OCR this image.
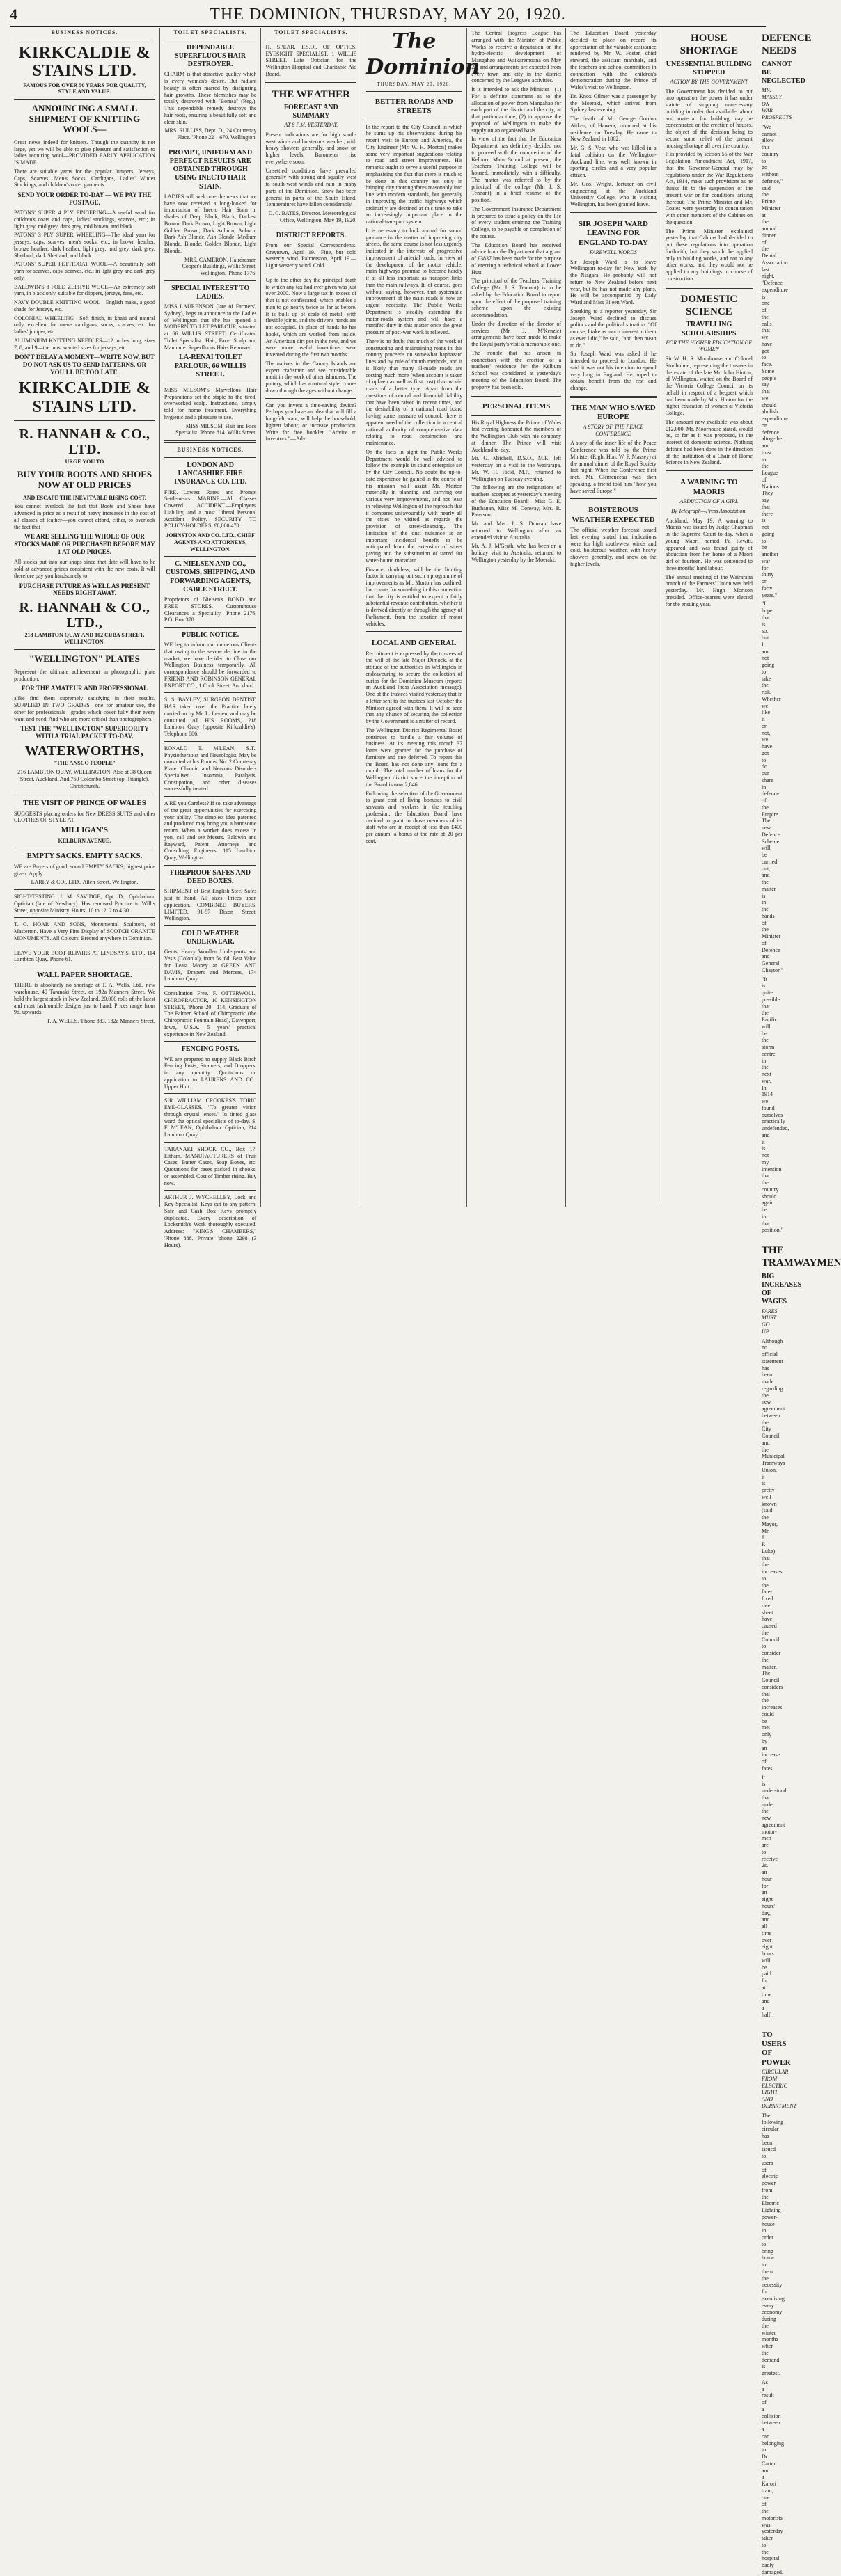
4	THE DOMINION, THURSDAY, MAY 20, 1920.
BUSINESS NOTICES.
KIRKCALDIE & STAINS LTD.
FAMOUS FOR OVER 50 YEARS FOR QUALITY, STYLE AND VALUE.
ANNOUNCING A SMALL SHIPMENT OF KNITTING WOOLS—

Great news indeed for knitters. Though the quantity is not large, yet we will be able to give pleasure and satisfaction to ladies requiring wool—PROVIDED EARLY APPLICATION IS MADE.

There are suitable yarns for the popular Jumpers, Jerseys, Caps, Scarves, Men's Socks, Cardigans, Ladies' Winter Stockings, and children's outer garments.

SEND YOUR ORDER TO-DAY — WE PAY THE POSTAGE.

PATONS' SUPER 4 PLY FINGERING—A useful wool for children's coats and caps, ladies' stockings, scarves, etc.; in light grey, mid grey, dark grey, mid brown, and black.

PATONS' 3 PLY SUPER WHEELING—The ideal yarn for jerseys, caps, scarves, men's socks, etc.; in brown heather, bronze heather, dark heather, light grey, mid grey, dark grey, Shetland, dark Shetland, and black.

PATONS' SUPER PETTICOAT WOOL—A beautifully soft yarn for scarves, caps, scarves, etc.; in light grey and dark grey only.

BALDWIN'S 8 FOLD ZEPHYR WOOL—An extremely soft yarn, in black only, suitable for slippers, jerseys, fans, etc.

NAVY DOUBLE KNITTING WOOL—English make, a good shade for Jerseys, etc.

COLONIAL WHEELING—Soft finish, in khaki and natural only, excellent for men's cardigans, socks, scarves, etc. for ladies' jumper, etc.

ALUMINIUM KNITTING NEEDLES—12 inches long, sizes 7, 8, and 9—the most wanted sizes for jerseys, etc.

DON'T DELAY A MOMENT—WRITE NOW, BUT DO NOT ASK US TO SEND PATTERNS, OR YOU'LL BE TOO LATE.
KIRKCALDIE & STAINS LTD.
R. HANNAH & CO., LTD.
URGE YOU TO
BUY YOUR BOOTS AND SHOES NOW AT OLD PRICES
AND ESCAPE THE INEVITABLE RISING COST.

You cannot overlook the fact that Boots and Shoes have advanced in price as a result of heavy increases in the cost of all classes of leather—you cannot afford, either, to overlook the fact that

WE ARE SELLING THE WHOLE OF OUR STOCKS MADE OR PURCHASED BEFORE MAY 1 AT OLD PRICES.

All stocks put into our shops since that date will have to be sold at advanced prices consistent with the new costs. It will therefore pay you handsomely to

PURCHASE FUTURE AS WELL AS PRESENT NEEDS RIGHT AWAY.
R. HANNAH & CO., LTD.,
218 LAMBTON QUAY AND 102 CUBA STREET, WELLINGTON.
"WELLINGTON" PLATES

Represent the ultimate achievement in photographic plate production.

FOR THE AMATEUR AND PROFESSIONAL

alike find them supremely satisfying in their results. SUPPLIED IN TWO GRADES—one for amateur use, the other for professionals—grades which cover fully their every want and need. And who are more critical than photographers.

TEST THE "WELLINGTON" SUPERIORITY WITH A TRIAL PACKET TO-DAY.
WATERWORTHS,
"THE ANSCO PEOPLE"

216 LAMBTON QUAY, WELLINGTON. Also at 38 Queen Street, Auckland. And 760 Colombo Street (op. Triangle), Christchurch.

THE VISIT OF PRINCE OF WALES

SUGGESTS placing orders for New DRESS SUITS and other CLOTHES OF STYLE AT

MILLIGAN'S
KELBURN AVENUE.
EMPTY SACKS. EMPTY SACKS.

WE are Buyers of good, sound EMPTY SACKS; highest price given. Apply

LARRY & CO., LTD., Allen Street, Wellington.

SIGHT-TESTING. J. M. SAVIDGE, Opt. D., Ophthalmic Optician (late of Newbury). Has removed Practice to Willis Street, opposite Ministry. Hours, 10 to 12; 2 to 4.30.

T. G. HOAR AND SONS, Monumental Sculptors, of Masterton. Have a Very Fine Display of SCOTCH GRANITE MONUMENTS. All Colours. Erected anywhere in Dominion.

LEAVE YOUR BOOT REPAIRS AT LINDSAY'S, LTD., 114 Lambton Quay. Phone 61.

WALL PAPER SHORTAGE.

THERE is absolutely no shortage at T. A. Wells, Ltd., new warehouse, 40 Taranaki Street, or 192a Manners Street. We hold the largest stock in New Zealand, 20,000 rolls of the latest and most fashionable designs just to hand. Prices range from 9d. upwards.

T. A. WELLS. 'Phone 883. 182a Manners Street.

TOILET SPECIALISTS.
DEPENDABLE SUPERFLUOUS HAIR DESTROYER.

CHARM is that attractive quality which is every woman's desire. But radiant beauty is often marred by disfiguring hair growths. These blemishes may be totally destroyed with "Bomsa" (Reg.). This dependable remedy destroys the hair roots, ensuring a beautifully soft and clear skin.

MRS. RULLISS, Dept. D., 24 Courtenay Place. 'Phone 22—670. Wellington.

PROMPT, UNIFORM AND PERFECT RESULTS ARE OBTAINED THROUGH USING INECTO HAIR STAIN.

LADIES will welcome the news that we have now received a long-looked for importation of Inecto Hair Stain in shades of Deep Black, Black, Darkest Brown, Dark Brown, Light Brown, Light Golden Brown, Dark Auburn, Auburn, Dark Ash Blonde, Ash Blonde, Medium Blonde, Blonde, Golden Blonde, Light Blonde.

MRS. CAMERON, Hairdresser, Cooper's Buildings, Willis Street, Wellington. 'Phone 1776.

SPECIAL INTEREST TO LADIES.

MISS LAURENSON (late of Farmers', Sydney), begs to announce to the Ladies of Wellington that she has opened a MODERN TOILET PARLOUR, situated at 66 WILLIS STREET. Certificated Toilet Specialist. Hair, Face, Scalp and Manicure. Superfluous Hairs Removed.

LA-RENAI TOILET PARLOUR, 66 WILLIS STREET.

MISS MILSOM'S Marvellous Hair Preparations set the staple to the tired, overworked scalp. Instructions, simply told for home treatment. Everything hygienic and a pleasure to use.

MISS MILSOM, Hair and Face Specialist. 'Phone 814. Willis Street.

BUSINESS NOTICES.
LONDON AND LANCASHIRE FIRE INSURANCE CO. LTD.

FIRE.—Lowest Rates and Prompt Settlements. MARINE.—All Classes Covered. ACCIDENT.—Employers' Liability, and a most Liberal Personal Accident Policy. SECURITY TO POLICY-HOLDERS, £8,000,470.

JOHNSTON AND CO. LTD., CHIEF AGENTS AND ATTORNEYS, WELLINGTON.
C. NIELSEN AND CO., CUSTOMS, SHIPPING, AND FORWARDING AGENTS, CABLE STREET.

Proprietors of Nielsen's BOND and FREE STORES. Customhouse Clearances a Speciality. 'Phone 2176. P.O. Box 370.

PUBLIC NOTICE.

WE beg to inform our numerous Clients that owing to the severe decline in the market, we have decided to Close our Wellington Business temporarily. All correspondence should be forwarded to FRIEND AND ROBINSON GENERAL EXPORT CO., 1 Cook Street, Auckland.

S. S. BAYLEY, SURGEON DENTIST, HAS taken over the Practice lately carried on by Mr. L. Levien, and may be consulted AT HIS ROOMS, 218 Lambton Quay (opposite Kirkcaldie's). Telephone 886.

RONALD T. M'LEAN, S.T., Physiotherapist and Neurologist, May be consulted at his Rooms, No. 2 Courtenay Place. Chronic and Nervous Disorders Specialised. Insomnia, Paralysis, Constipation, and other diseases successfully treated.

A RE you Careless? If so, take advantage of the great opportunities for exercising your ability. The simplest idea patented and produced may bring you a handsome return. When a worker does excess in yon, call and see Messrs. Baldwin and Rayward, Patent Attorneys and Consulting Engineers, 115 Lambton Quay, Wellington.

FIREPROOF SAFES AND DEED BOXES.

SHIPMENT of Best English Steel Safes just to hand. All sizes. Prices upon application. COMBINED BUYERS, LIMITED, 91-97 Dixon Street, Wellington.

COLD WEATHER UNDERWEAR.

Gents' Heavy Woollen Underpants and Vests (Colonial), from 5s. 6d. Best Value for Least Money at GREEN AND DAVIS, Drapers and Mercers, 174 Lambton Quay.

Consultation Free. F. OTTERWOLL, CHIROPRACTOR, 10 KENSINGTON STREET, 'Phone 20—114. Graduate of The Palmer School of Chiropractic (the Chiropractic Fountain Head), Davenport, Iowa, U.S.A. 5 years' practical experience in New Zealand.

FENCING POSTS.

WE are prepared to supply Black Birch Fencing Posts, Strainers, and Droppers, in any quantity. Quotations on application to LAURENS AND CO., Upper Hutt.

SIR WILLIAM CROOKES'S TORIC EYE-GLASSES. "To greater vision through crystal lenses." In tinted glass ward the optical specialists of to-day. S. F. M'LEAN, Ophthalmic Optician, 214 Lambton Quay.

TARANAKI SHOOK CO., Box 17, Eltham. MANUFACTURERS of Fruit Cases, Butter Cases, Soap Boxes, etc. Quotations for cases packed in shooks, or assembled. Cost of Timber rising. Buy now.

ARTHUR J. WYCHELLEY, Lock and Key Specialist. Keys cut to any pattern. Safe and Cash Box Keys promptly duplicated. Every description of Locksmith's Work thoroughly executed. Address: "KING'S CHAMBERS," 'Phone 888. Private 'phone 2298 (3 Hours).

TOILET SPECIALISTS.

H. SPEAR, F.S.O., OF OPTICS, EYESIGHT SPECIALIST, 1 WILLIS STREET. Late Optician for the Wellington Hospital and Charitable Aid Board.

THE WEATHER
FORECAST AND SUMMARY
AT 8 P.M. YESTERDAY.

Present indications are for high south-west winds and boisterous weather, with heavy showers generally, and snow on higher levels. Barometer rise everywhere soon.

Unsettled conditions have prevailed generally with strong and squally west to south-west winds and rain in many parts of the Dominion. Snow has been general in parts of the South Island. Temperatures have fallen considerably.

D. C. BATES, Director. Meteorological Office, Wellington, May 19, 1920.

DISTRICT REPORTS.

From our Special Correspondents. Greytown, April 19.—Fine, but cold westerly wind. Palmerston, April 19.—Light westerly wind. Cold.

Up to the other day the principal death to which any tax had ever given was just over 2000. Now a large tax in excess of that is not confiscated, which enables a man to go nearly twice as far as before. It is built up of scale of metal, with flexible joints, and the driver's hands are not occupied. In place of hands he has hooks, which are worked from inside. An American dirt pot in the new, and we were more useful inventions were invented during the first two months.

The natives in the Canary Islands are expert craftsmen and see considerable merit in the work of other islanders. The pottery, which has a natural style, comes down through the ages without change.

Can you invent a time-saving device? Perhaps you have an idea that will fill a long-felt want, will help the household, lighten labour, or increase production. Write for free booklet, "Advice to Inventors."—Advt.

The Dominion
THURSDAY, MAY 20, 1920.
BETTER ROADS AND STREETS

In the report to the City Council in which he sums up his observations during his recent visit to Europe and America, the City Engineer (Mr. W. H. Morton) makes some very important suggestions relating to road and street improvement. His remarks ought to serve a useful purpose in emphasising the fact that there is much to be done in this country not only in bringing city thoroughfares reasonably into line with modern standards, but generally in improving the traffic highways which ordinarily are destined at this time to take an increasingly important place in the national transport system.

It is necessary to look abroad for sound guidance in the matter of improving city streets, the same course is not less urgently indicated in the interests of progressive improvement of arterial roads. In view of the development of the motor vehicle, main highways promise to become hardly if at all less important as transport links than the main railways. It, of course, goes without saying, however, that systematic improvement of the main roads is now an urgent necessity. The Public Works Department is steadily extending the motor-roads system and will have a manifest duty in this matter once the great pressure of post-war work is relieved.

There is no doubt that much of the work of constructing and maintaining roads in this country proceeds on somewhat haphazard lines and by rule of thumb methods, and it is likely that many ill-made roads are costing much more (when account is taken of upkeep as well as first cost) than would roads of a better type. Apart from the questions of central and financial liability that have been raised in recent times, and the desirability of a national road board having some measure of control, there is apparent need of the collection in a central national authority of comprehensive data relating to road construction and maintenance.

On the facts in sight the Public Works Department would be well advised to follow the example in sound enterprise set by the City Council. No doubt the up-to-date experience he gained in the course of his mission will assist Mr. Morton materially in planning and carrying out various very improvements, and not least in relieving Wellington of the reproach that it compares unfavourably with nearly all the cities he visited as regards the provision of street-cleansing. The limitation of the dust nuisance is an important incidental benefit to be anticipated from the extension of street paving and the substitution of tarred for water-bound macadam.

Finance, doubtless, will be the limiting factor in carrying out such a programme of improvements as Mr. Morton has outlined, but counts for something in this connection that the city is entitled to expect a fairly substantial revenue contribution, whether it is derived directly or through the agency of Parliament, from the taxation of motor vehicles.

LOCAL AND GENERAL

Recruitment is expressed by the trustees of the will of the late Major Dimock, at the attitude of the authorities in Wellington in endeavouring to secure the collection of curios for the Dominion Museum (reports an Auckland Press Association message). One of the trustees visited yesterday that in a letter sent to the trustees last October the Minister agreed with them. It will be seen that any chance of securing the collection by the Government is a matter of record.

The Wellington District Regimental Board continues to handle a fair volume of business. At its meeting this month 37 loans were granted for the purchase of furniture and one deferred. To repeat this the Board has not done any loans for a month. The total number of loans for the Wellington district since the inception of the Board is now 2,846.

Following the selection of the Government to grant cost of living bonuses to civil servants and workers in the teaching profession, the Education Board have decided to grant to those members of its staff who are in receipt of less than £400 per annum, a bonus at the rate of 20 per cent.

The Central Progress League has arranged with the Minister of Public Works to receive a deputation on the hydro-electric development of Mangahao and Waikaremoana on May 27, and arrangements are expected from every town and city in the district concerned by the League's activities.

It is intended to ask the Minister—(1) For a definite statement as to the allocation of power from Mangahao for each part of the district and the city, at that particular time; (2) to approve the proposal of Wellington to make the supply on an organised basis.

In view of the fact that the Education Department has definitely decided not to proceed with the completion of the Kelburn Main School at present, the Teachers' Training College will be housed, immediately, with a difficulty. The matter was referred to by the principal of the college (Mr. J. S. Tennant) in a brief resumé of the position.

The Government Insurance Department is prepared to issue a policy on the life of every student entering the Training College, to be payable on completion of the course.

The Education Board has received advice from the Department that a grant of £3837 has been made for the purpose of erecting a technical school at Lower Hutt.

The principal of the Teachers' Training College (Mr. J. S. Tennant) is to be asked by the Education Board to report upon the effect of the proposed training scheme upon the existing accommodation.

Under the direction of the director of services (Mr. J. M'Kenzie) arrangements have been made to make the Royal party's visit a memorable one.

The trouble that has arisen in connection with the erection of a teachers' residence for the Kelburn School was considered at yesterday's meeting of the Education Board. The property has been sold.

PERSONAL ITEMS

His Royal Highness the Prince of Wales last evening honoured the members of the Wellington Club with his company at dinner. The Prince will visit Auckland to-day.

Mr. G. Mitchell, D.S.O., M.P., left yesterday on a visit to the Wairarapa. Mr. W. H. Field, M.P., returned to Wellington on Tuesday evening.

The following are the resignations of teachers accepted at yesterday's meeting of the Education Board:—Miss G. E. Buchanan, Miss M. Conway, Mrs. R. Paterson.

Mr. and Mrs. J. S. Duncan have returned to Wellington after an extended visit to Australia.

Mr. A. J. M'Grath, who has been on a holiday visit to Australia, returned to Wellington yesterday by the Moeraki.

The Education Board yesterday decided to place on record its appreciation of the valuable assistance rendered by Mr. W. Foster, chief steward, the assistant marshals, and the teachers and school committees in connection with the children's demonstration during the Prince of Wales's visit to Wellington.

Dr. Knox Gilmer was a passenger by the Moeraki, which arrived from Sydney last evening.

The death of Mr. George Gordon Aitken, of Hawera, occurred at his residence on Tuesday. He came to New Zealand in 1862.

Mr. G. S. Vear, who was killed in a fatal collision on the Wellington-Auckland line, was well known in sporting circles and a very popular citizen.

Mr. Geo. Wright, lecturer on civil engineering at the Auckland University College, who is visiting Wellington, has been granted leave.

SIR JOSEPH WARD LEAVING FOR ENGLAND TO-DAY
FAREWELL WORDS

Sir Joseph Ward is to leave Wellington to-day for New York by the Niagara. He probably will not return to New Zealand before next year, but he has not made any plans. He will be accompanied by Lady Ward and Miss Eileen Ward.

Speaking to a reporter yesterday, Sir Joseph Ward declined to discuss politics and the political situation. "Of course, I take as much interest in them as ever I did," he said, "and then mean to do."

Sir Joseph Ward was asked if he intended to proceed to London. He said it was not his intention to spend very long in England. He hoped to obtain benefit from the rest and change.

THE MAN WHO SAVED EUROPE
A STORY OF THE PEACE CONFERENCE

A story of the inner life of the Peace Conference was told by the Prime Minister (Right Hon. W. F. Massey) at the annual dinner of the Royal Society last night. When the Conference first met, Mr. Clemenceau was then speaking, a friend told him "how you have saved Europe."

BOISTEROUS WEATHER EXPECTED

The official weather forecast issued last evening stated that indications were for high south-west winds and cold, boisterous weather, with heavy showers generally, and snow on the higher levels.

HOUSE SHORTAGE
UNESSENTIAL BUILDING STOPPED
ACTION BY THE GOVERNMENT

The Government has decided to put into operation the power it has under statute of stopping unnecessary building in order that available labour and material for building may be concentrated on the erection of houses, the object of the decision being to secure some relief of the present housing shortage all over the country.

It is provided by section 55 of the War Legislation Amendment Act, 1917, that the Governor-General may by regulations under the War Regulations Act, 1914, make such provisions as he thinks fit to the suspension of the present war or for conditions arising thereout. The Prime Minister and Mr. Coates were yesterday in consultation with other members of the Cabinet on the question.

The Prime Minister explained yesterday that Cabinet had decided to put these regulations into operation forthwith, but they would be applied only to building works, and not to any other works, and they would not be applied to any buildings in course of construction.

DOMESTIC SCIENCE
TRAVELLING SCHOLARSHIPS
FOR THE HIGHER EDUCATION OF WOMEN

Sir W. H. S. Moorhouse and Colonel Studholme, representing the trustees in the estate of the late Mr. John Hinton, of Wellington, waited on the Board of the Victoria College Council on its behalf in respect of a bequest which had been made by Mrs. Hinton for the higher education of women at Victoria College.

The amount now available was about £12,000. Mr. Moorhouse stated, would be, so far as it was proposed, in the interest of domestic science. Nothing definite had been done in the direction of the institution of a Chair of Home Science in New Zealand.

A WARNING TO MAORIS
ABDUCTION OF A GIRL
By Telegraph—Press Association.

Auckland, May 19. A warning to Maoris was issued by Judge Chapman in the Supreme Court to-day, when a young Maori named Pa Rewiti, appeared and was found guilty of abduction from her home of a Maori girl of fourteen. He was sentenced to three months' hard labour.

The annual meeting of the Wairarapa branch of the Farmers' Union was held yesterday. Mr. Hugh Morison presided. Office-bearers were elected for the ensuing year.

DEFENCE NEEDS
CANNOT BE NEGLECTED
MR. MASSEY ON WAR PROSPECTS

"We cannot allow this country to go without defence," said the Prime Minister at the annual dinner of the Dental Association last night. "Defence expenditure is one of the calls that we have got to face. Some people say that we should abolish expenditure on defence altogether and trust to the League of Nations. They say that there is not going to be another war for thirty or forty years."

"I hope that is so, but I am not going to take the risk. Whether we like it or not, we have got to do our share in defence of the Empire. The new Defence Scheme will be carried out, and the matter is in the hands of the Minister of Defence and General Chaytor."

"It is quite possible that the Pacific will be the storm centre in the next war. In 1914 we found ourselves practically undefended, and it is not my intention that the country should again be in that position."

THE TRAMWAYMEN
BIG INCREASES OF WAGES
FARES MUST GO UP

Although no official statement has been made regarding the new agreement between the City Council and the Municipal Tramways Union, it is pretty well known (said the Mayor, Mr. J. P. Luke) that the increases to the fare-fixed rate sheet have caused the Council to consider the matter. The Council considers that the increases could be met only by an increase of fares.

It is understood that under the new agreement motor-men are to receive 2s. an hour for an eight hours' day, and all time over eight hours will be paid for at time and a half.

TO USERS OF POWER
CIRCULAR FROM ELECTRIC LIGHT AND DEPARTMENT

The following circular has been issued to users of electric power from the Electric Lighting power-house in order to bring home to them the necessity for exercising every economy during the winter months when the demand is greatest.

As a result of a collision between a car belonging to Dr. Carter and a Karori tram, one of the motorists was yesterday taken to the hospital badly damaged.
